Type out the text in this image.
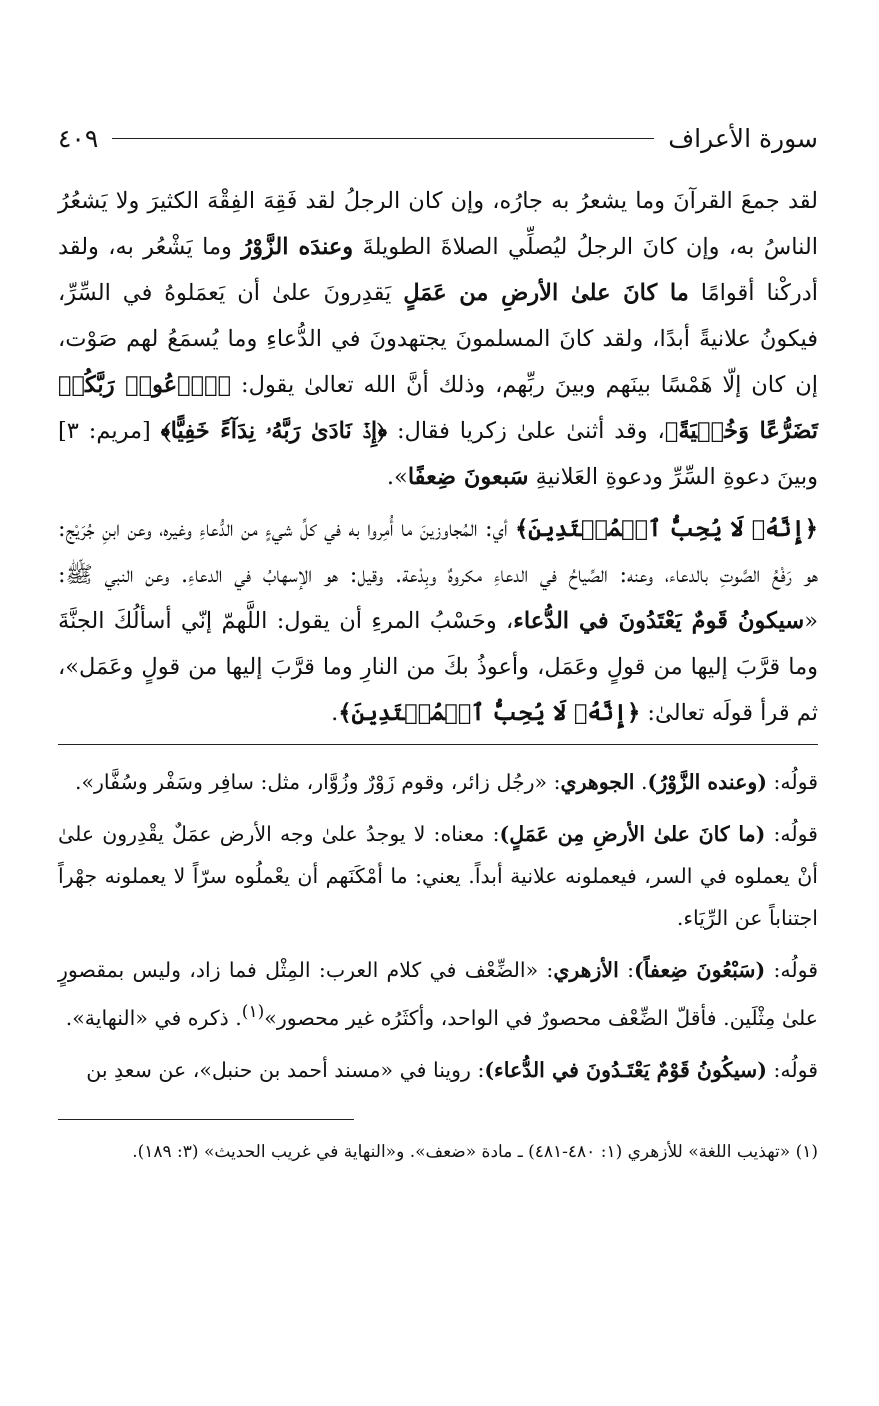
سورة الأعراف
٤٠٩

لقد جمعَ القرآنَ وما يشعرُ به جارُه، وإن كان الرجلُ لقد فَقِهَ الفِقْهَ الكثيرَ ولا يَشعُرُ الناسُ به، وإن كانَ الرجلُ ليُصلِّي الصلاةَ الطويلةَ وعندَه الزَّوْرُ وما يَشْعُر به، ولقد أدركْنا أقوامًا ما كانَ علىٰ الأرضِ من عَمَلٍ يَقدِرونَ علىٰ أن يَعمَلوهُ في السِّرِّ، فيكونُ علانيةً أبدًا، ولقد كانَ المسلمونَ يجتهدونَ في الدُّعاءِ وما يُسمَعُ لهم صَوْت، إن كان إلّا هَمْسًا بينَهم وبينَ ربِّهم، وذلك أنَّ الله تعالىٰ يقول: ﴿ٱدۡعُوا۟ رَبَّكُمۡ تَضَرُّعًا وَخُفۡيَةً﴾، وقد أثنىٰ علىٰ زكريا فقال: ﴿إِذۡ نَادَىٰ رَبَّهُۥ نِدَآءً خَفِيًّا﴾ [مريم: ٣] وبينَ دعوةِ السِّرِّ ودعوةِ العَلانيةِ سَبعونَ ضِعفًا».

﴿إِنَّهُۥ لَا يُحِبُّ ٱلۡمُعۡتَدِينَ﴾ أي: المُجاوزينَ ما أُمِروا به في كلِّ شيءٍ من الدُّعاءِ وغيره، وعن ابنِ جُرَيْج: هو رَفْعُ الصَّوتِ بالدعاء، وعنه: الصِّياحُ في الدعاءِ مكروهٌ وبِدْعة. وقيل: هو الإسهابُ في الدعاءِ. وعن النبي ﷺ: «سيكونُ قَومٌ يَعْتَدُونَ في الدُّعاء، وحَسْبُ المرءِ أن يقول: اللَّهمّ إنّي أسألُكَ الجنَّةَ وما قرَّبَ إليها من قولٍ وعَمَل، وأعوذُ بكَ من النارِ وما قرَّبَ إليها من قولٍ وعَمَل»، ثم قرأ قولَه تعالىٰ: ﴿إِنَّهُۥ لَا يُحِبُّ ٱلۡمُعۡتَدِينَ﴾.

قولُه: (وعنده الزَّوْرُ). الجوهري: «رجُل زائر، وقوم زَوْرٌ وزُوَّار، مثل: سافِر وسَفْر وسُفَّار».

قولُه: (ما كانَ علىٰ الأرضِ مِن عَمَلٍ): معناه: لا يوجدُ علىٰ وجه الأرض عمَلٌ يقْدِرون علىٰ أنْ يعملوه في السر، فيعملونه علانية أبداً. يعني: ما أمْكَنَهم أن يعْملُوه سرّاً لا يعملونه جهْراً اجتناباً عن الرِّيَاء.

قولُه: (سَبْعُونَ ضِعفاً): الأزهري: «الضِّعْف في كلام العرب: المِثْل فما زاد، وليس بمقصورٍ علىٰ مِثْلَين. فأقلّ الضِّعْف محصورٌ في الواحد، وأكثَرُه غير محصور»$^{(١)}$. ذكره في «النهاية».

قولُه: (سيكُونُ قَوْمٌ يَعْتَـدُونَ في الدُّعاء): روينا في «مسند أحمد بن حنبل»، عن سعدِ بن

(١) «تهذيب اللغة» للأزهري (١: ٤٨٠-٤٨١) ـ مادة «ضعف». و«النهاية في غريب الحديث» (٣: ١٨٩).
